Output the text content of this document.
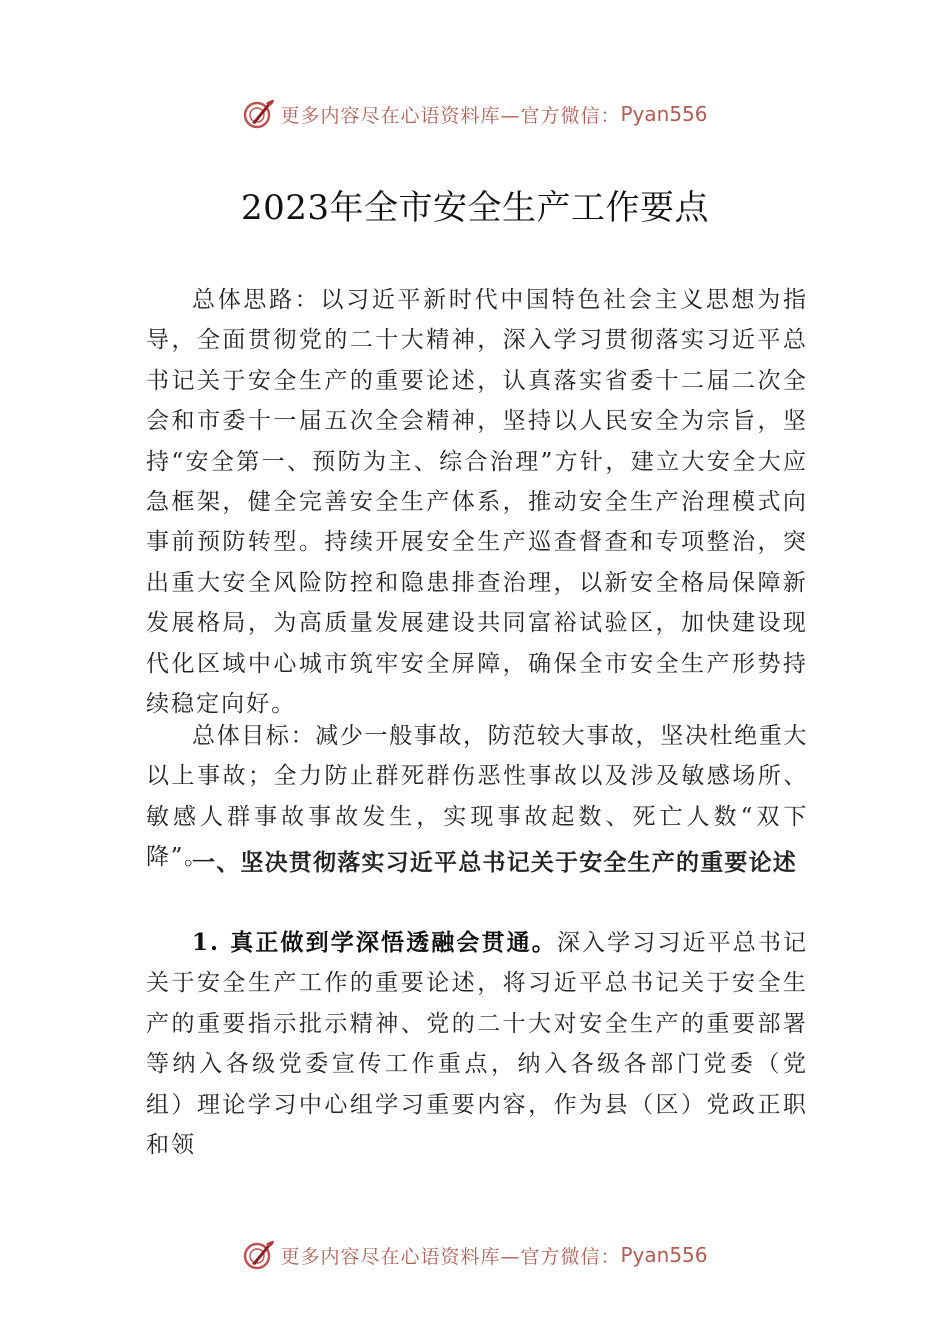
更多内容尽在心语资料库—官方微信： Pyan556
2023年全市安全生产工作要点

总体思路：以习近平新时代中国特色社会主义思想为指导，全面贯彻党的二十大精神，深入学习贯彻落实习近平总书记关于安全生产的重要论述，认真落实省委十二届二次全会和市委十一届五次全会精神，坚持以人民安全为宗旨，坚持“安全第一、预防为主、综合治理”方针，建立大安全大应急框架，健全完善安全生产体系，推动安全生产治理模式向事前预防转型。持续开展安全生产巡查督查和专项整治，突出重大安全风险防控和隐患排查治理，以新安全格局保障新发展格局，为高质量发展建设共同富裕试验区，加快建设现代化区域中心城市筑牢安全屏障，确保全市安全生产形势持续稳定向好。

总体目标：减少一般事故，防范较大事故，坚决杜绝重大以上事故；全力防止群死群伤恶性事故以及涉及敏感场所、敏感人群事故事故发生，实现事故起数、死亡人数“双下降”。

一、坚决贯彻落实习近平总书记关于安全生产的重要论述

1. 真正做到学深悟透融会贯通。深入学习习近平总书记关于安全生产工作的重要论述，将习近平总书记关于安全生产的重要指示批示精神、党的二十大对安全生产的重要部署等纳入各级党委宣传工作重点，纳入各级各部门党委（党组）理论学习中心组学习重要内容，作为县（区）党政正职和领

更多内容尽在心语资料库—官方微信： Pyan556
